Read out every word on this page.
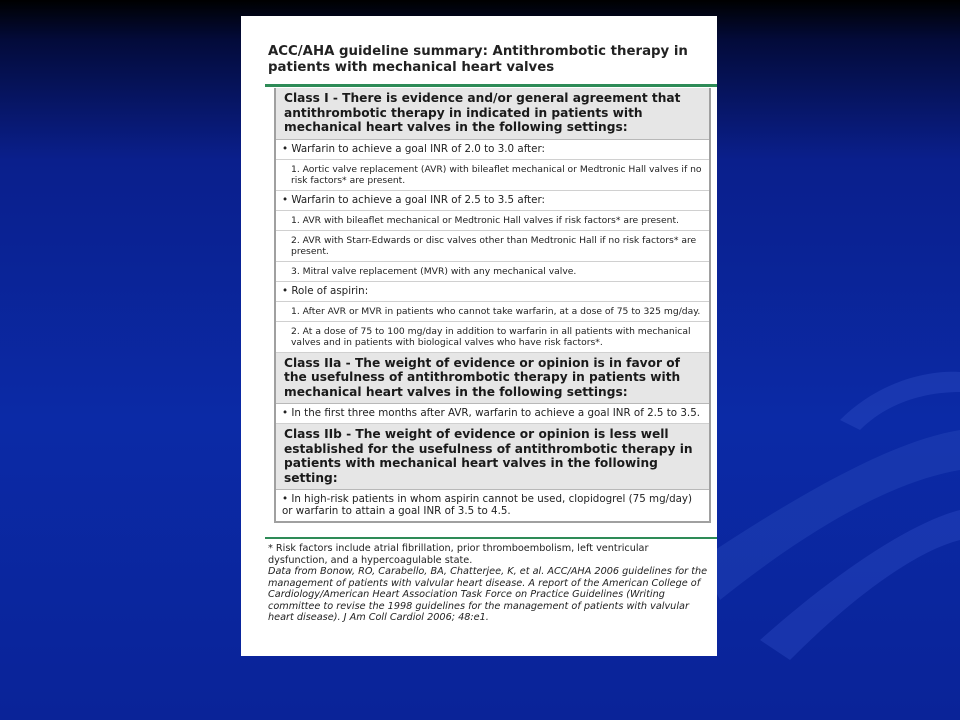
ACC/AHA guideline summary: Antithrombotic therapy in patients with mechanical heart valves
Class I - There is evidence and/or general agreement that antithrombotic therapy in indicated in patients with mechanical heart valves in the following settings:
• Warfarin to achieve a goal INR of 2.0 to 3.0 after:
1. Aortic valve replacement (AVR) with bileaflet mechanical or Medtronic Hall valves if no risk factors* are present.
• Warfarin to achieve a goal INR of 2.5 to 3.5 after:
1. AVR with bileaflet mechanical or Medtronic Hall valves if risk factors* are present.
2. AVR with Starr-Edwards or disc valves other than Medtronic Hall if no risk factors* are present.
3. Mitral valve replacement (MVR) with any mechanical valve.
• Role of aspirin:
1. After AVR or MVR in patients who cannot take warfarin, at a dose of 75 to 325 mg/day.
2. At a dose of 75 to 100 mg/day in addition to warfarin in all patients with mechanical valves and in patients with biological valves who have risk factors*.
Class IIa - The weight of evidence or opinion is in favor of the usefulness of antithrombotic therapy in patients with mechanical heart valves in the following settings:
• In the first three months after AVR, warfarin to achieve a goal INR of 2.5 to 3.5.
Class IIb - The weight of evidence or opinion is less well established for the usefulness of antithrombotic therapy in patients with mechanical heart valves in the following setting:
• In high-risk patients in whom aspirin cannot be used, clopidogrel (75 mg/day) or warfarin to attain a goal INR of 3.5 to 4.5.
* Risk factors include atrial fibrillation, prior thromboembolism, left ventricular dysfunction, and a hypercoagulable state.
Data from Bonow, RO, Carabello, BA, Chatterjee, K, et al. ACC/AHA 2006 guidelines for the management of patients with valvular heart disease. A report of the American College of Cardiology/American Heart Association Task Force on Practice Guidelines (Writing committee to revise the 1998 guidelines for the management of patients with valvular heart disease). J Am Coll Cardiol 2006; 48:e1.
